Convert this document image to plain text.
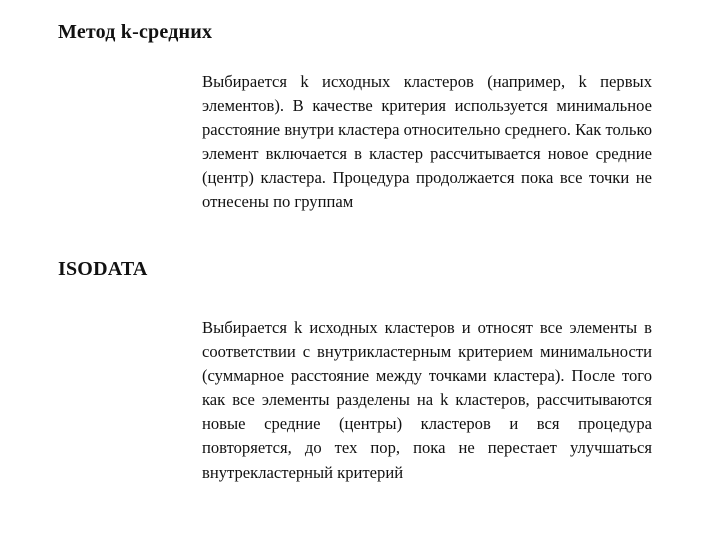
Метод k-средних

Выбирается k исходных кластеров (например, k первых элементов). В качестве критерия используется минимальное расстояние внутри кластера относительно среднего. Как только элемент включается в кластер рассчитывается новое средние (центр) кластера. Процедура продолжается пока все точки не отнесены по группам

ISODATA

Выбирается k исходных кластеров и относят все элементы в соответствии с внутрикластерным критерием минимальности (суммарное расстояние между точками кластера). После того как все элементы разделены на k кластеров, рассчитываются новые средние (центры) кластеров и вся процедура повторяется, до тех пор, пока не перестает улучшаться внутрекластерный критерий
